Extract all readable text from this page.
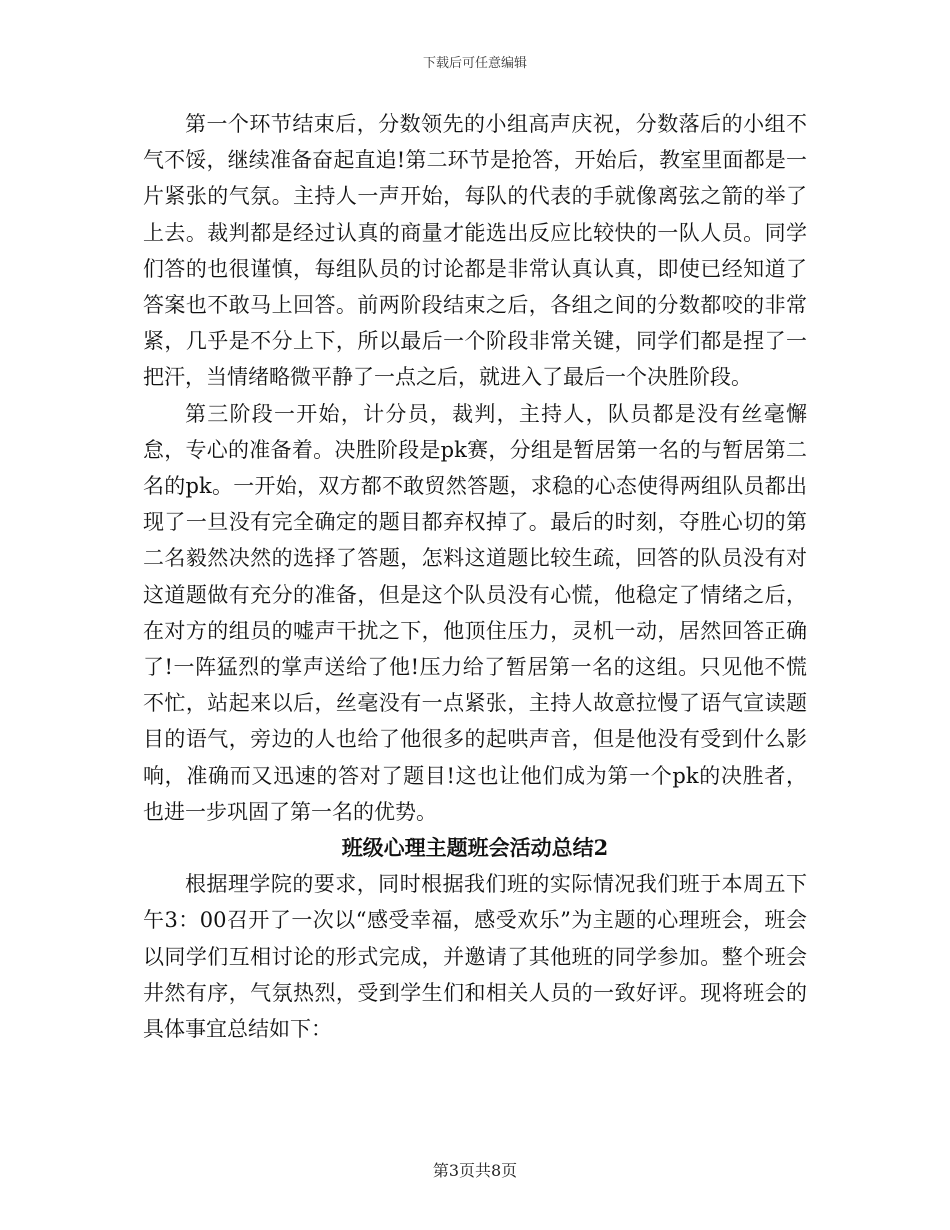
下载后可任意编辑

第一个环节结束后，分数领先的小组高声庆祝，分数落后的小组不气不馁，继续准备奋起直追!第二环节是抢答，开始后，教室里面都是一片紧张的气氛。主持人一声开始，每队的代表的手就像离弦之箭的举了上去。裁判都是经过认真的商量才能选出反应比较快的一队人员。同学们答的也很谨慎，每组队员的讨论都是非常认真认真，即使已经知道了答案也不敢马上回答。前两阶段结束之后，各组之间的分数都咬的非常紧，几乎是不分上下，所以最后一个阶段非常关键，同学们都是捏了一把汗，当情绪略微平静了一点之后，就进入了最后一个决胜阶段。

第三阶段一开始，计分员，裁判，主持人，队员都是没有丝毫懈怠，专心的准备着。决胜阶段是pk赛，分组是暂居第一名的与暂居第二名的pk。一开始，双方都不敢贸然答题，求稳的心态使得两组队员都出现了一旦没有完全确定的题目都弃权掉了。最后的时刻，夺胜心切的第二名毅然决然的选择了答题，怎料这道题比较生疏，回答的队员没有对这道题做有充分的准备，但是这个队员没有心慌，他稳定了情绪之后，在对方的组员的嘘声干扰之下，他顶住压力，灵机一动，居然回答正确了!一阵猛烈的掌声送给了他!压力给了暂居第一名的这组。只见他不慌不忙，站起来以后，丝毫没有一点紧张，主持人故意拉慢了语气宣读题目的语气，旁边的人也给了他很多的起哄声音，但是他没有受到什么影响，准确而又迅速的答对了题目!这也让他们成为第一个pk的决胜者，也进一步巩固了第一名的优势。

班级心理主题班会活动总结2

根据理学院的要求，同时根据我们班的实际情况我们班于本周五下午3：00召开了一次以“感受幸福，感受欢乐”为主题的心理班会，班会以同学们互相讨论的形式完成，并邀请了其他班的同学参加。整个班会井然有序，气氛热烈，受到学生们和相关人员的一致好评。现将班会的具体事宜总结如下：

第3页共8页
